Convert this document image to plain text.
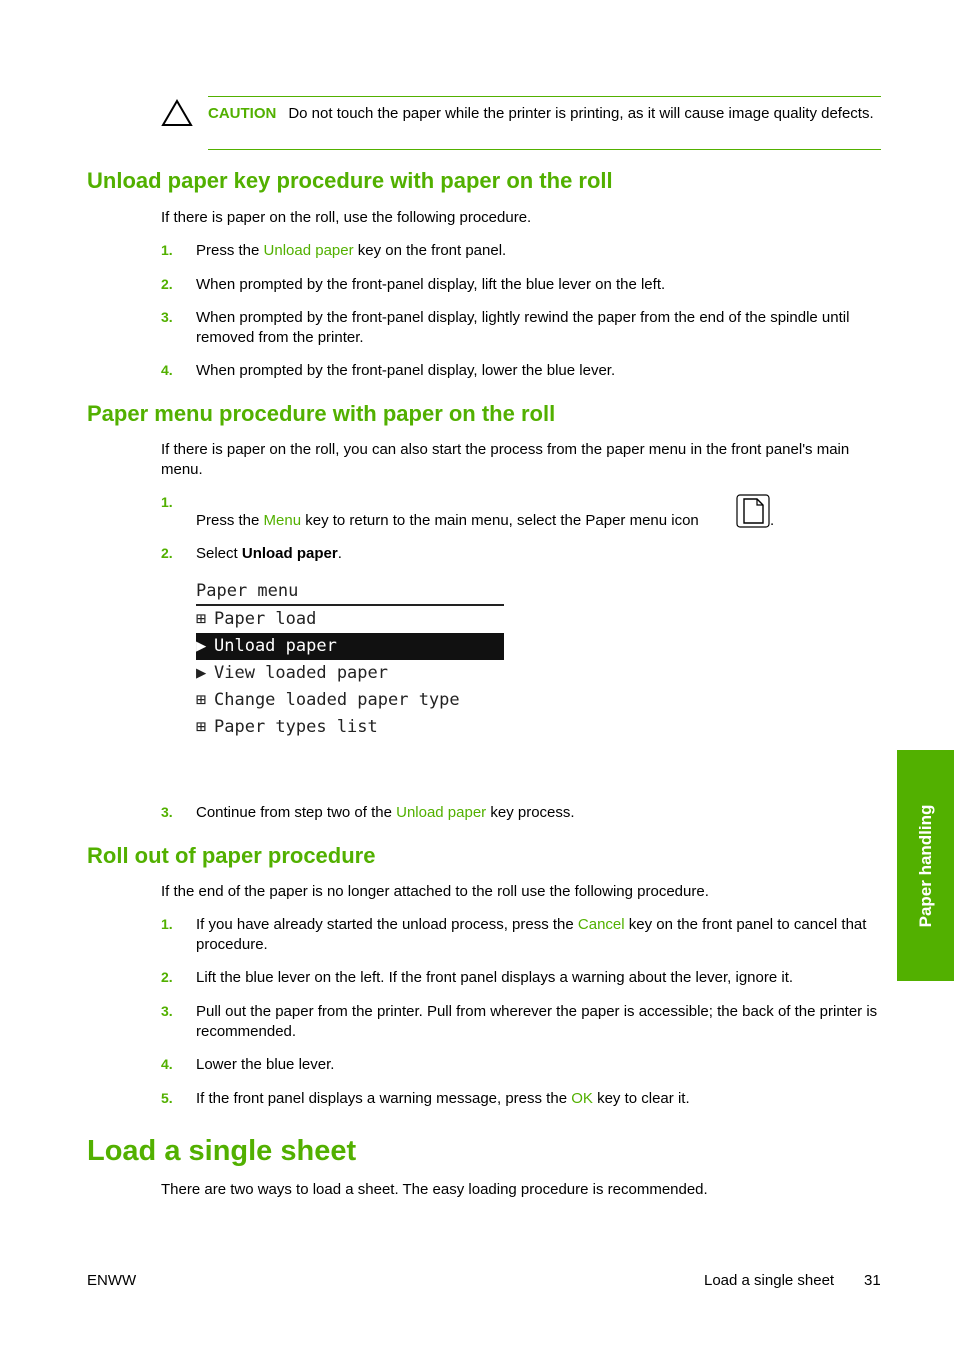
CAUTION Do not touch the paper while the printer is printing, as it will cause image quality defects.
Unload paper key procedure with paper on the roll
If there is paper on the roll, use the following procedure.
1. Press the Unload paper key on the front panel.
2. When prompted by the front-panel display, lift the blue lever on the left.
3. When prompted by the front-panel display, lightly rewind the paper from the end of the spindle until removed from the printer.
4. When prompted by the front-panel display, lower the blue lever.
Paper menu procedure with paper on the roll
If there is paper on the roll, you can also start the process from the paper menu in the front panel's main menu.
1.
Press the Menu key to return to the main menu, select the Paper menu icon	.
2. Select Unload paper.
Paper menu
⊞ Paper load
▶ Unload paper
▶ View loaded paper
⊞ Change loaded paper type
⊞ Paper types list
3. Continue from step two of the Unload paper key process.
Roll out of paper procedure
If the end of the paper is no longer attached to the roll use the following procedure.
1. If you have already started the unload process, press the Cancel key on the front panel to cancel that procedure.
2. Lift the blue lever on the left. If the front panel displays a warning about the lever, ignore it.
3. Pull out the paper from the printer. Pull from wherever the paper is accessible; the back of the printer is recommended.
4. Lower the blue lever.
5. If the front panel displays a warning message, press the OK key to clear it.
Load a single sheet
There are two ways to load a sheet. The easy loading procedure is recommended.
Paper handling
ENWW	Load a single sheet 31
